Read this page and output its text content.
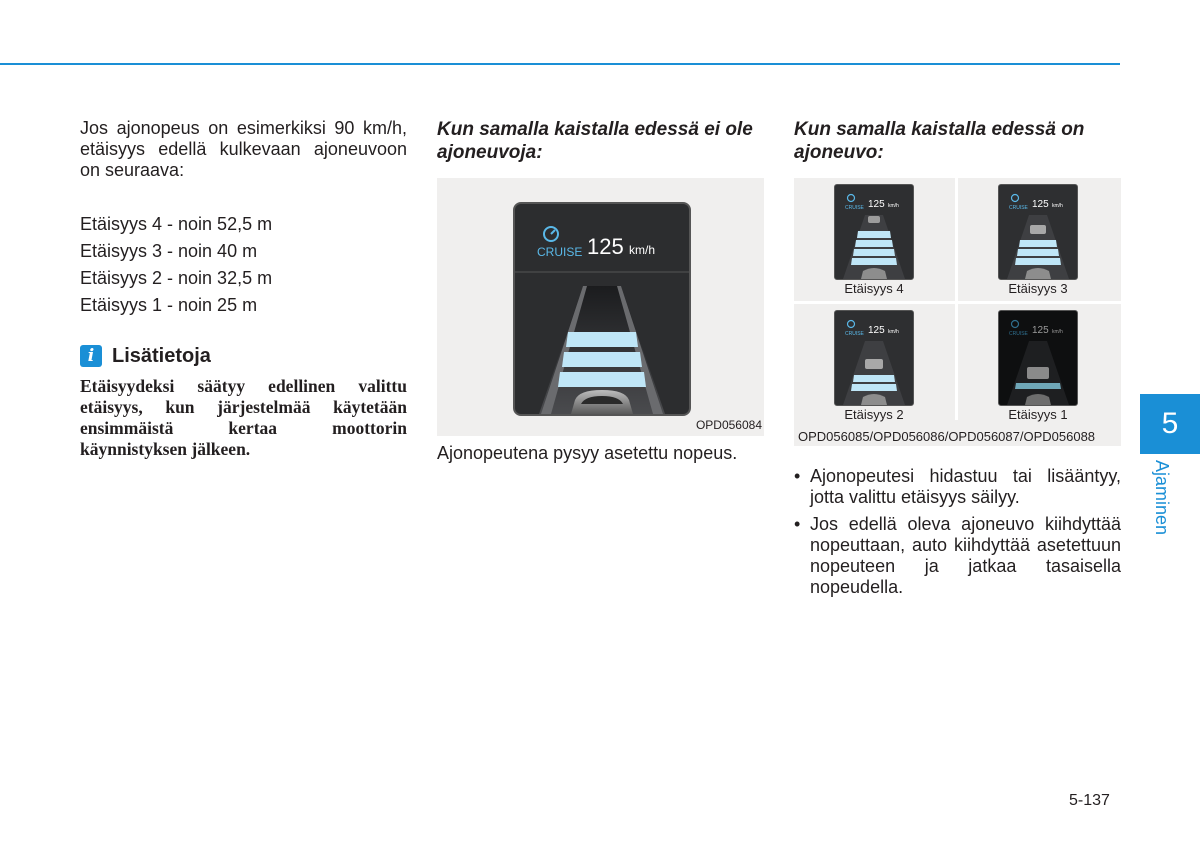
Jos ajonopeus on esimerkiksi 90 km/h, etäisyys edellä kulkevaan ajoneuvoon on seuraava:

Etäisyys 4 - noin 52,5 m
Etäisyys 3 - noin 40 m
Etäisyys 2 - noin 32,5 m
Etäisyys 1 - noin 25 m
i Lisätietoja

Etäisyydeksi säätyy edellinen valittu etäisyys, kun järjestelmää käytetään ensimmäistä kertaa moottorin käynnistyksen jälkeen.

Kun samalla kaistalla edessä ei ole ajoneuvoja:

CRUISE 125 km/h
OPD056084
Ajonopeutena pysyy asetettu nopeus.

Kun samalla kaistalla edessä on ajoneuvo:

CRUISE 125 km/h
Etäisyys 4
CRUISE 125 km/h
Etäisyys 3
CRUISE 125 km/h
Etäisyys 2
CRUISE 125 km/h
Etäisyys 1
OPD056085/OPD056086/OPD056087/OPD056088
• Ajonopeutesi hidastuu tai lisääntyy, jotta valittu etäisyys säilyy.
• Jos edellä oleva ajoneuvo kiihdyttää nopeuttaan, auto kiihdyttää asetettuun nopeuteen ja jatkaa tasaisella nopeudella.
5
Ajaminen
5-137
